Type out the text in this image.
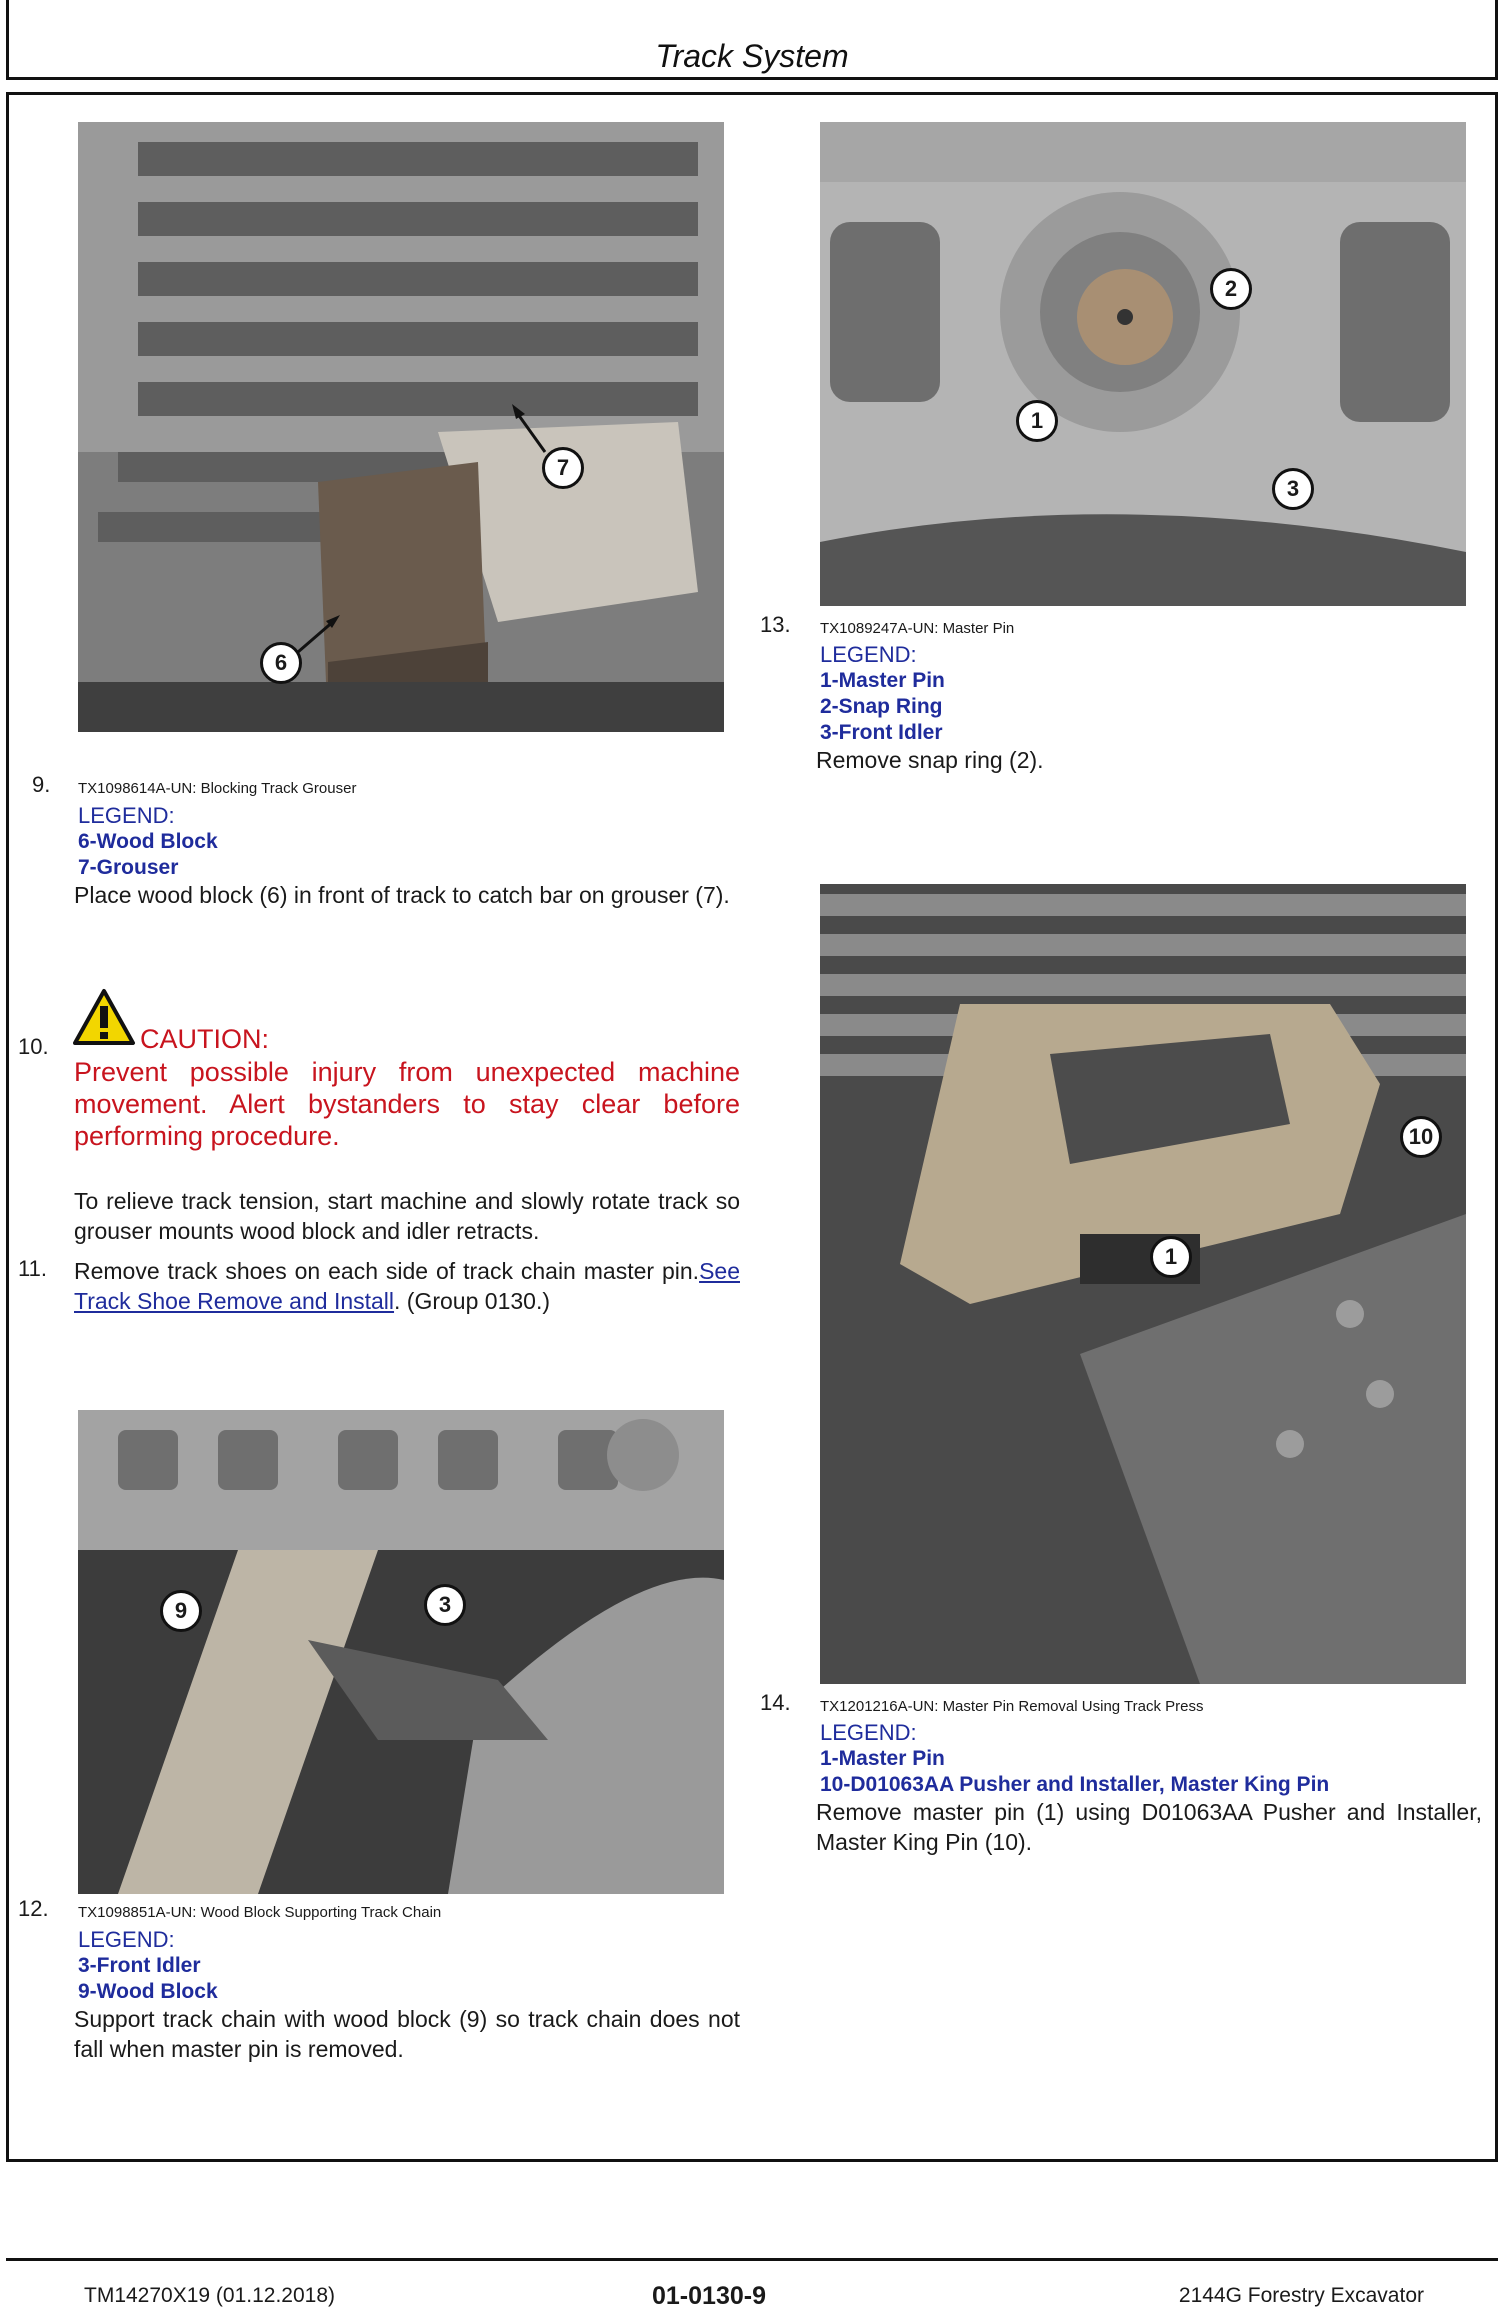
Track System
7
6
9. TX1098614A-UN: Blocking Track Grouser
LEGEND:
6-Wood Block
7-Grouser
Place wood block (6) in front of track to catch bar on grouser (7).
10.	CAUTION:
Prevent possible injury from unexpected machine movement. Alert bystanders to stay clear before performing procedure.
To relieve track tension, start machine and slowly rotate track so grouser mounts wood block and idler retracts.
11. Remove track shoes on each side of track chain master pin.See Track Shoe Remove and Install. (Group 0130.)
9	3
12. TX1098851A-UN: Wood Block Supporting Track Chain
LEGEND:
3-Front Idler
9-Wood Block
Support track chain with wood block (9) so track chain does not fall when master pin is removed.
2
1
3
13. TX1089247A-UN: Master Pin
LEGEND:
1-Master Pin
2-Snap Ring
3-Front Idler
Remove snap ring (2).
10
1
14. TX1201216A-UN: Master Pin Removal Using Track Press
LEGEND:
1-Master Pin
10-D01063AA Pusher and Installer, Master King Pin
Remove master pin (1) using D01063AA Pusher and Installer, Master King Pin (10).
TM14270X19 (01.12.2018)	01-0130-9	2144G Forestry Excavator
